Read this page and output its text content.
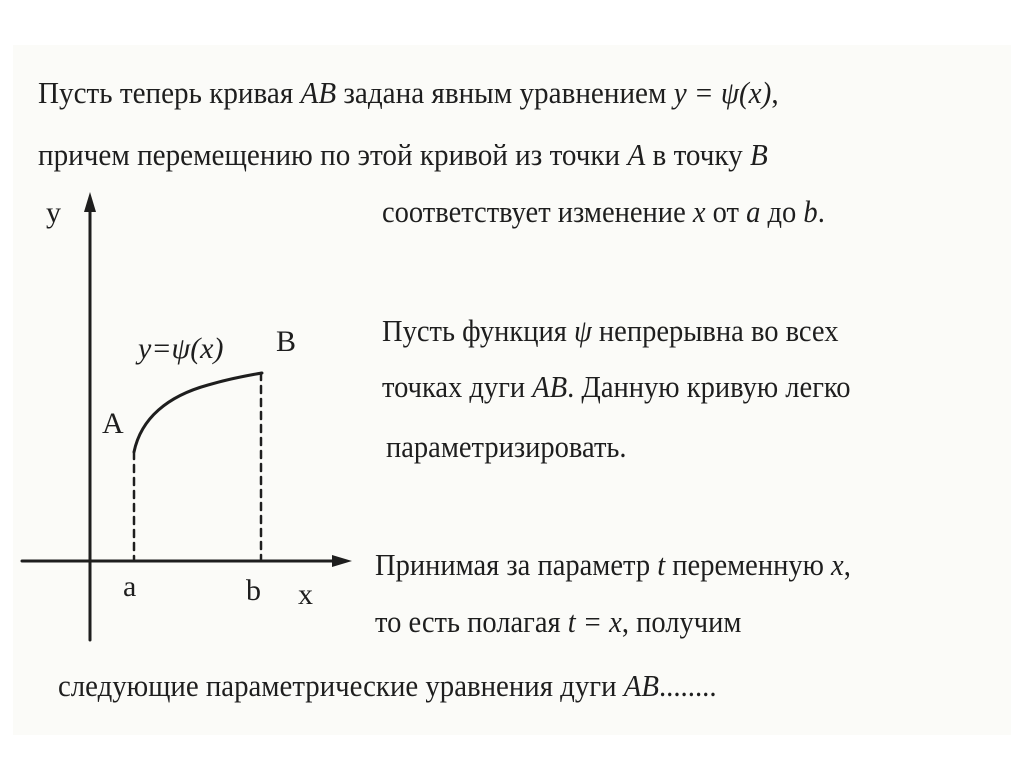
Пусть теперь кривая AB задана явным уравнением y = ψ(x),
причем перемещению по этой кривой из точки A в точку B
соответствует изменение x от a до b.
Пусть функция ψ непрерывна во всех
точках дуги AB. Данную кривую легко
параметризировать.
Принимая за параметр t переменную x,
то есть полагая t = x, получим
следующие параметрические уравнения дуги AB........
y
y=ψ(x) B
A
a	b x
